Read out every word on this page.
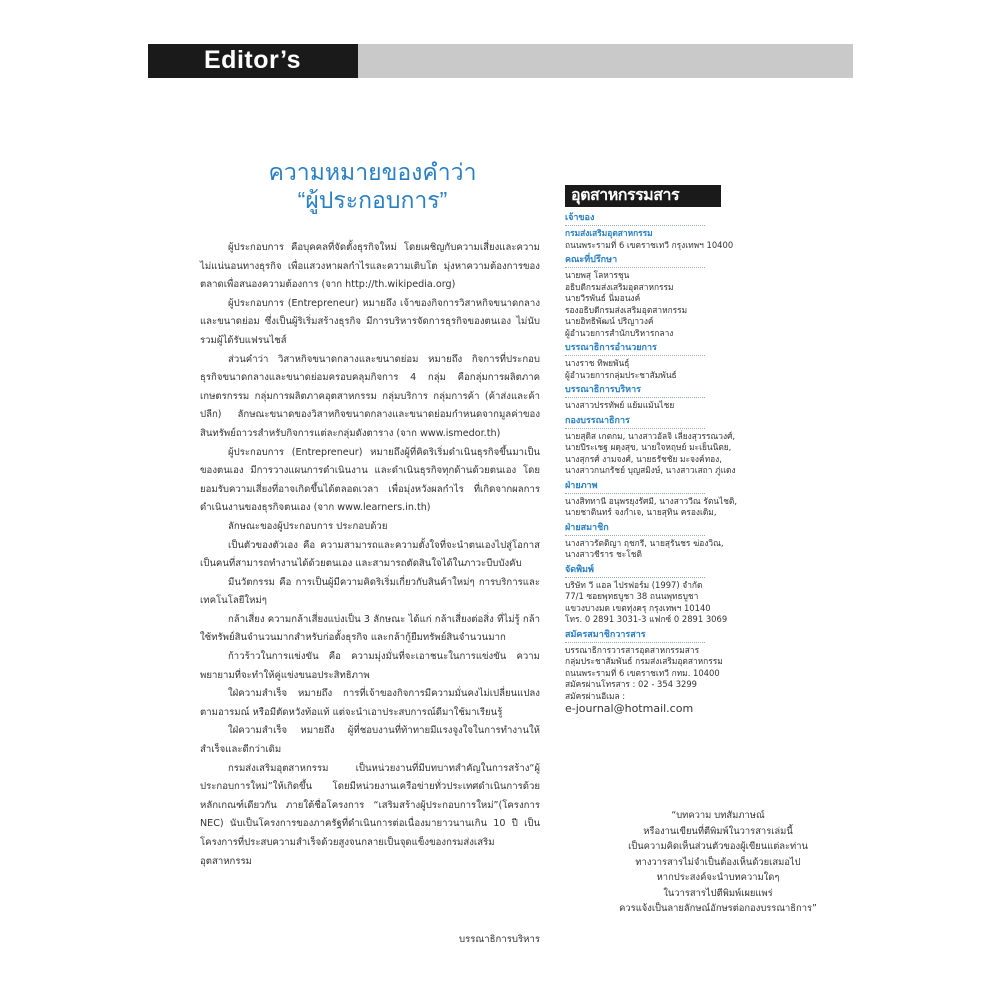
Editor’s Talk
ความหมายของคำว่า
“ผู้ประกอบการ”

ผู้ประกอบการ คือบุคคลที่จัดตั้งธุรกิจใหม่ โดยเผชิญกับความเสี่ยงและความไม่แน่นอนทางธุรกิจ เพื่อแสวงหาผลกำไรและความเติบโต มุ่งหาความต้องการของตลาดเพื่อสนองความต้องการ (จาก http://th.wikipedia.org)

ผู้ประกอบการ (Entrepreneur) หมายถึง เจ้าของกิจการวิสาหกิจขนาดกลางและขนาดย่อม ซึ่งเป็นผู้ริเริ่มสร้างธุรกิจ มีการบริหารจัดการธุรกิจของตนเอง ไม่นับรวมผู้ได้รับแฟรนไชส์

ส่วนคำว่า วิสาหกิจขนาดกลางและขนาดย่อม หมายถึง กิจการที่ประกอบธุรกิจขนาดกลางและขนาดย่อมครอบคลุมกิจการ 4 กลุ่ม คือกลุ่มการผลิตภาคเกษตรกรรม กลุ่มการผลิตภาคอุตสาหกรรม กลุ่มบริการ กลุ่มการค้า (ค้าส่งและค้าปลีก) ลักษณะขนาดของวิสาหกิจขนาดกลางและขนาดย่อมกำหนดจากมูลค่าของสินทรัพย์ถาวรสำหรับกิจการแต่ละกลุ่มดังตาราง (จาก www.ismedor.th)

ผู้ประกอบการ (Entrepreneur) หมายถึงผู้ที่คิดริเริ่มดำเนินธุรกิจขึ้นมาเป็นของตนเอง มีการวางแผนการดำเนินงาน และดำเนินธุรกิจทุกด้านด้วยตนเอง โดยยอมรับความเสี่ยงที่อาจเกิดขึ้นได้ตลอดเวลา เพื่อมุ่งหวังผลกำไร ที่เกิดจากผลการดำเนินงานของธุรกิจตนเอง (จาก www.learners.in.th)

ลักษณะของผู้ประกอบการ ประกอบด้วย

เป็นตัวของตัวเอง คือ ความสามารถและความตั้งใจที่จะนำตนเองไปสู่โอกาสเป็นคนที่สามารถทำงานได้ด้วยตนเอง และสามารถตัดสินใจได้ในภาวะบีบบังคับ

มีนวัตกรรม คือ การเป็นผู้มีความคิดริเริ่มเกี่ยวกับสินค้าใหม่ๆ การบริการและเทคโนโลยีใหม่ๆ

กล้าเสี่ยง ความกล้าเสี่ยงแบ่งเป็น 3 ลักษณะ ได้แก่ กล้าเสี่ยงต่อสิ่ง ที่ไม่รู้ กล้าใช้ทรัพย์สินจำนวนมากสำหรับก่อตั้งธุรกิจ และกล้ากู้ยืมทรัพย์สินจำนวนมาก

ก้าวร้าวในการแข่งขัน คือ ความมุ่งมั่นที่จะเอาชนะในการแข่งขัน ความพยายามที่จะทำให้คู่แข่งขนอประสิทธิภาพ

ใฝ่ความสำเร็จ หมายถึง การที่เจ้าของกิจการมีความมั่นคงไม่เปลี่ยนแปลงตามอารมณ์ หรือมีตัดหวังท้อแท้ แต่จะนำเอาประสบการณ์ดีมาใช้มาเรียนรู้

ใฝ่ความสำเร็จ หมายถึง ผู้ที่ชอบงานที่ท้าทายมีแรงจูงใจในการทำงานให้สำเร็จและดีกว่าเดิม

กรมส่งเสริมอุตสาหกรรม เป็นหน่วยงานที่มีบทบาทสำคัญในการสร้าง“ผู้ประกอบการใหม่”ให้เกิดขึ้น โดยมีหน่วยงานเครือข่ายทั่วประเทศดำเนินการด้วยหลักเกณฑ์เดียวกัน ภายใต้ชื่อโครงการ “เสริมสร้างผู้ประกอบการใหม่”(โครงการ NEC) นับเป็นโครงการของภาครัฐที่ดำเนินการต่อเนื่องมายาวนานเกิน 10 ปี เป็นโครงการที่ประสบความสำเร็จด้วยสูงจนกลายเป็นจุดแข็งของกรมส่งเสริมอุตสาหกรรม

บรรณาธิการบริหาร
อุตสาหกรรมสาร
เจ้าของ
กรมส่งเสริมอุตสาหกรรม
ถนนพระรามที่ 6 เขตราชเทวี กรุงเทพฯ 10400
คณะที่ปรึกษา
นายพสุ โลหารชุน
อธิบดีกรมส่งเสริมอุตสาหกรรม
นายวีรพันธ์ นิ่มอนงค์
รองอธิบดีกรมส่งเสริมอุตสาหกรรม
นายอิทธิพัฒน์ ปริญาวงค์
ผู้อำนวยการสำนักบริหารกลาง
บรรณาธิการอำนวยการ
นางราช ทิพยพันธุ์
ผู้อำนวยการกลุ่มประชาสัมพันธ์
บรรณาธิการบริหาร
นางสาวปรรทัพย์ แย้มแม้นไชย
กองบรรณาธิการ
นายสุดิส เกตกม, นางสาวอัลจิ เลี่ยงสุวรรณวงศ์,
นายปีระเชฐ ผดุงสุข, นายใจหฤษย์ มะเย็นนิตย,
นางสุกรศ์ งามจงศ์, นายธรัชชัย มะจงค์ทอง,
นางสาวกนกรัชย์ บุญสมิงษ์, นางสาวเสถา ภู่แดง
ฝ่ายภาพ
นางสิททานี อนุพรยุงรัศมี, นางสาววีณ รัตนไชติ,
นายชาตินทร์ จงกำเจ, นายสุทิน ครองเดิม,
ฝ่ายสมาชิก
นางสาวรัตติญา ฤชกรี, นายสุรันชร ฆ่องวิณ,
นางสาวชีราร ชะโชติ
จัดพิมพ์
บริษัท วี แอล ไปรฟอร์ม (1997) จำกัด
77/1 ซอยพุทธบูชา 38 ถนนพุทธบูชา
แขวงบางมด เขตทุ่งครุ กรุงเทพฯ 10140
โทร. 0 2891 3031-3 แฟกซ์ 0 2891 3069
สมัครสมาชิกวารสาร
บรรณาธิการวารสารอุตสาหกรรมสาร
กลุ่มประชาสัมพันธ์ กรมส่งเสริมอุตสาหกรรม
ถนนพระรามที่ 6 เขตราชเทวี กทม. 10400
สมัครผ่านโทรสาร : 02 - 354 3299
สมัครผ่านอีเมล :
e-journal@hotmail.com
“บทความ บทสัมภาษณ์
หรืองานเขียนที่ตีพิมพ์ในวารสารเล่มนี้
เป็นความคิดเห็นส่วนตัวของผู้เขียนแต่ละท่าน
ทางวารสารไม่จำเป็นต้องเห็นด้วยเสมอไป
หากประสงค์จะนำบทความใดๆ
ในวารสารไปตีพิมพ์เผยแพร่
ควรแจ้งเป็นลายลักษณ์อักษรต่อกองบรรณาธิการ”
